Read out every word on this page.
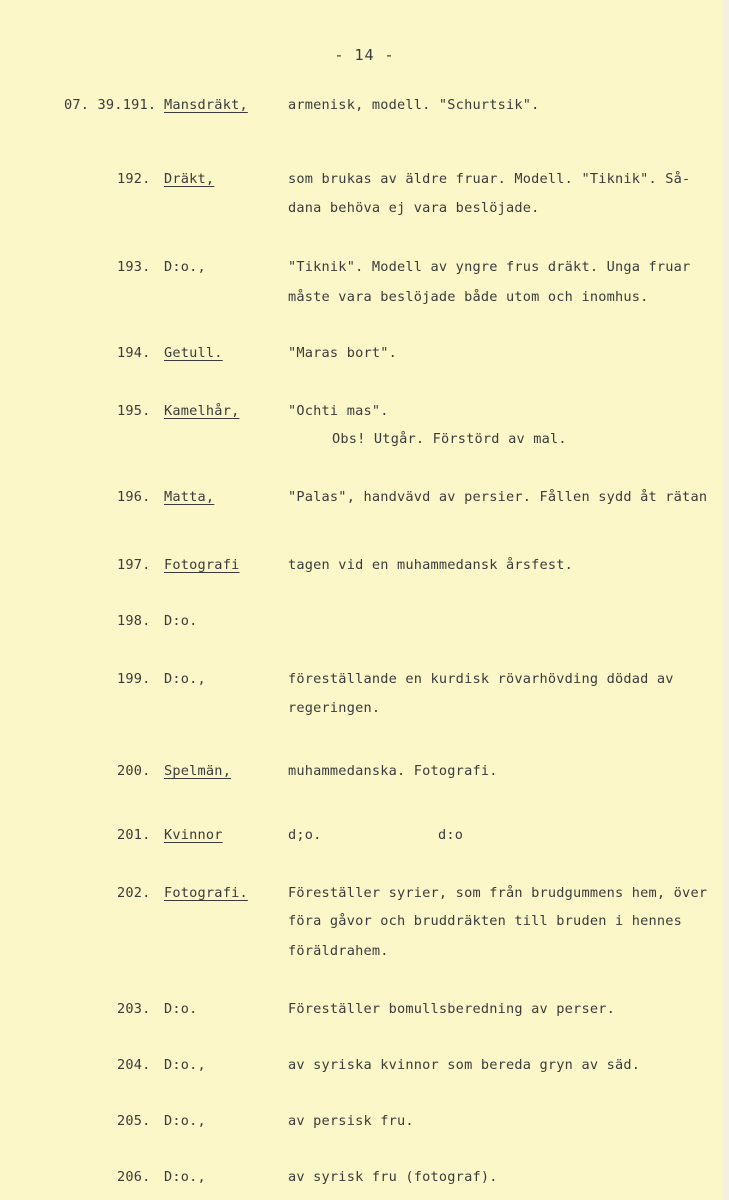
- 14 -
07. 39.191. Mansdräkt,	armenisk, modell. "Schurtsik".
192. Dräkt,	som brukas av äldre fruar. Modell. "Tiknik". Så-
dana behöva ej vara beslöjade.
193. D:o.,	"Tiknik". Modell av yngre frus dräkt. Unga fruar
måste vara beslöjade både utom och inomhus.
194. Getull.	"Maras bort".
195. Kamelhår,	"Ochti mas".
Obs! Utgår. Förstörd av mal.
196. Matta,	"Palas", handvävd av persier. Fållen sydd åt rätan
197. Fotografi	tagen vid en muhammedansk årsfest.
198. D:o.
199. D:o.,	föreställande en kurdisk rövarhövding dödad av
regeringen.
200. Spelmän,	muhammedanska. Fotografi.
201. Kvinnor	d;o.	d:o
202. Fotografi.	Föreställer syrier, som från brudgummens hem, över
föra gåvor och bruddräkten till bruden i hennes
föräldrahem.
203. D:o.	Föreställer bomullsberedning av perser.
204. D:o.,	av syriska kvinnor som bereda gryn av säd.
205. D:o.,	av persisk fru.
206. D:o.,	av syrisk fru (fotograf).
